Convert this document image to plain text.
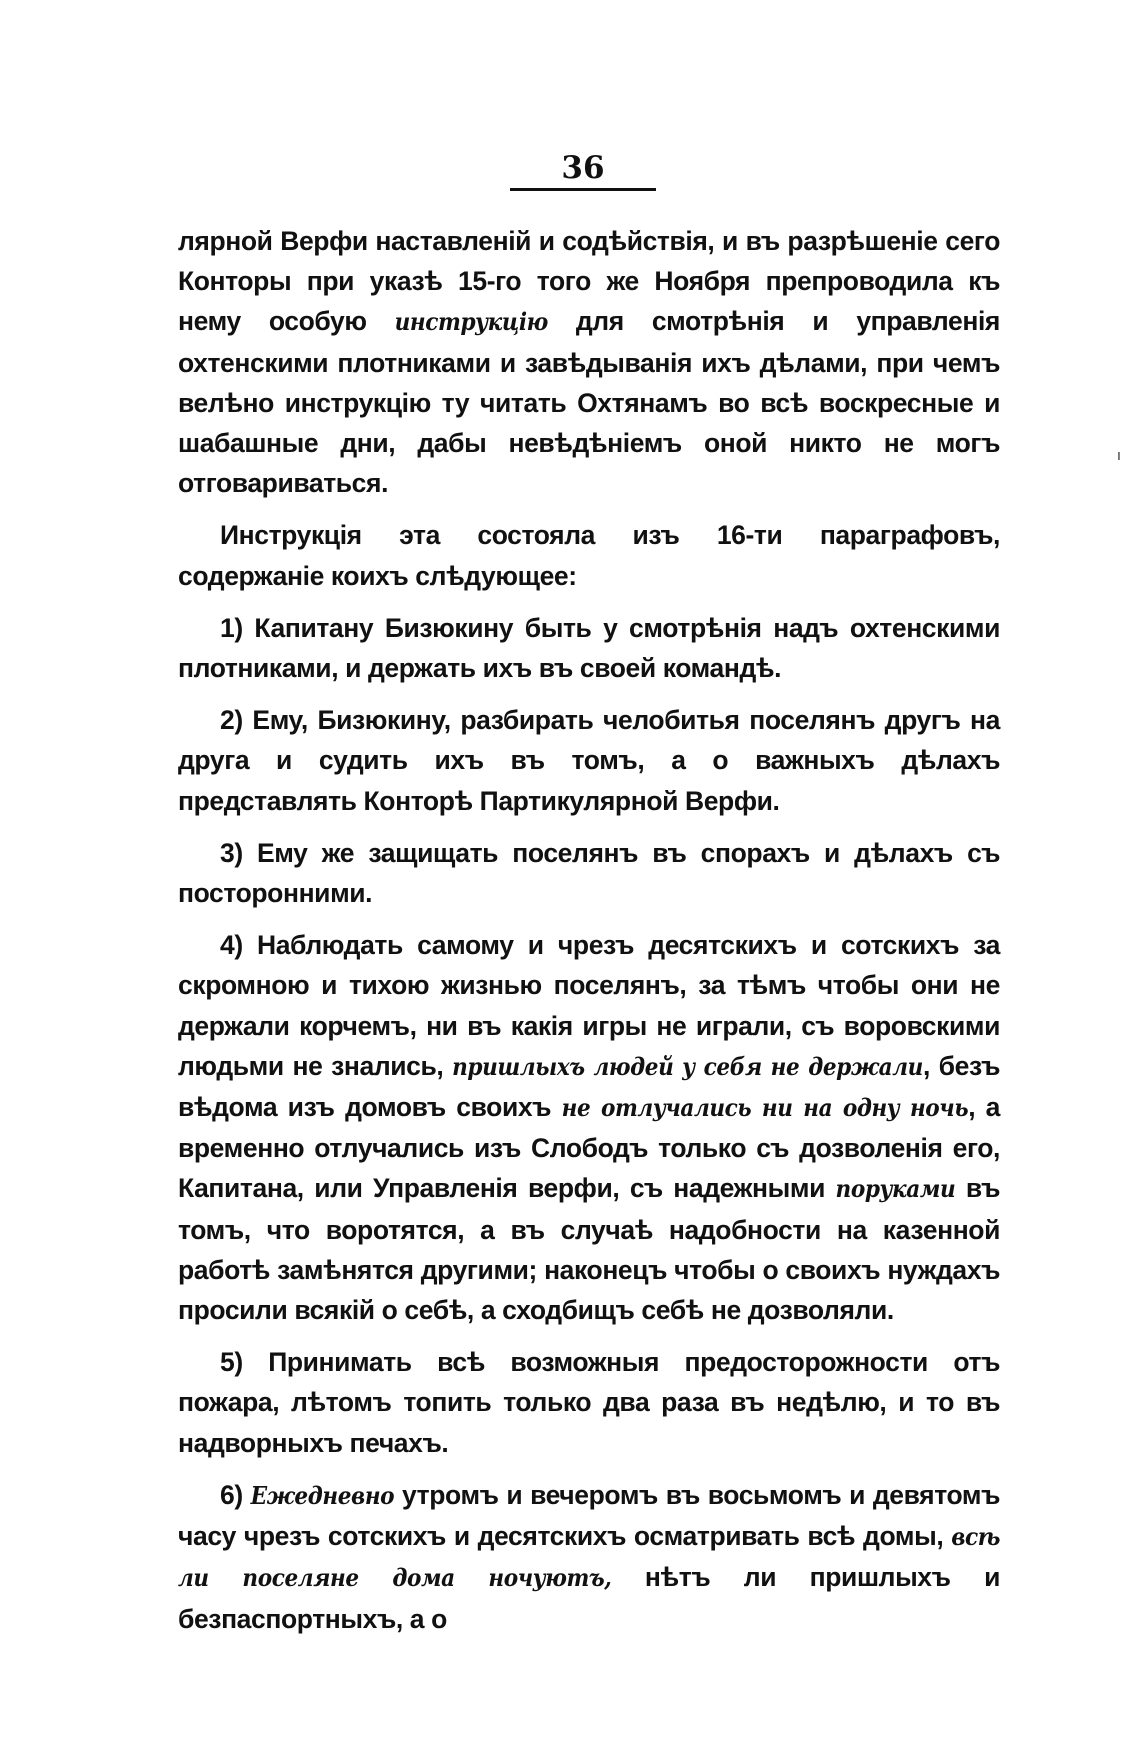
36

лярной Верфи наставленій и содѣйствія, и въ разрѣшеніе сего Конторы при указѣ 15-го того же Ноября препроводила къ нему особую инструкцію для смотрѣнія и управленія охтенскими плотниками и завѣдыванія ихъ дѣлами, при чемъ велѣно инструкцію ту читать Охтянамъ во всѣ воскресные и шабашные дни, дабы невѣдѣніемъ оной никто не могъ отговариваться.

Инструкція эта состояла изъ 16-ти параграфовъ, содержаніе коихъ слѣдующее:

1) Капитану Бизюкину быть у смотрѣнія надъ охтенскими плотниками, и держать ихъ въ своей командѣ.

2) Ему, Бизюкину, разбирать челобитья поселянъ другъ на друга и судить ихъ въ томъ, а о важныхъ дѣлахъ представлять Конторѣ Партикулярной Верфи.

3) Ему же защищать поселянъ въ спорахъ и дѣлахъ съ посторонними.

4) Наблюдать самому и чрезъ десятскихъ и сотскихъ за скромною и тихою жизнью поселянъ, за тѣмъ чтобы они не держали корчемъ, ни въ какія игры не играли, съ воровскими людьми не знались, пришлыхъ людей у себя не держали, безъ вѣдома изъ домовъ своихъ не отлучались ни на одну ночь, а временно отлучались изъ Слободъ только съ дозволенія его, Капитана, или Управленія верфи, съ надежными поруками въ томъ, что воротятся, а въ случаѣ надобности на казенной работѣ замѣнятся другими; наконецъ чтобы о своихъ нуждахъ просили всякій о себѣ, а сходбищъ себѣ не дозволяли.

5) Принимать всѣ возможныя предосторожности отъ пожара, лѣтомъ топить только два раза въ недѣлю, и то въ надворныхъ печахъ.

6) Ежедневно утромъ и вечеромъ въ восьмомъ и девятомъ часу чрезъ сотскихъ и десятскихъ осматривать всѣ домы, всѣ ли поселяне дома ночуютъ, нѣтъ ли пришлыхъ и безпаспортныхъ, а о

ı
